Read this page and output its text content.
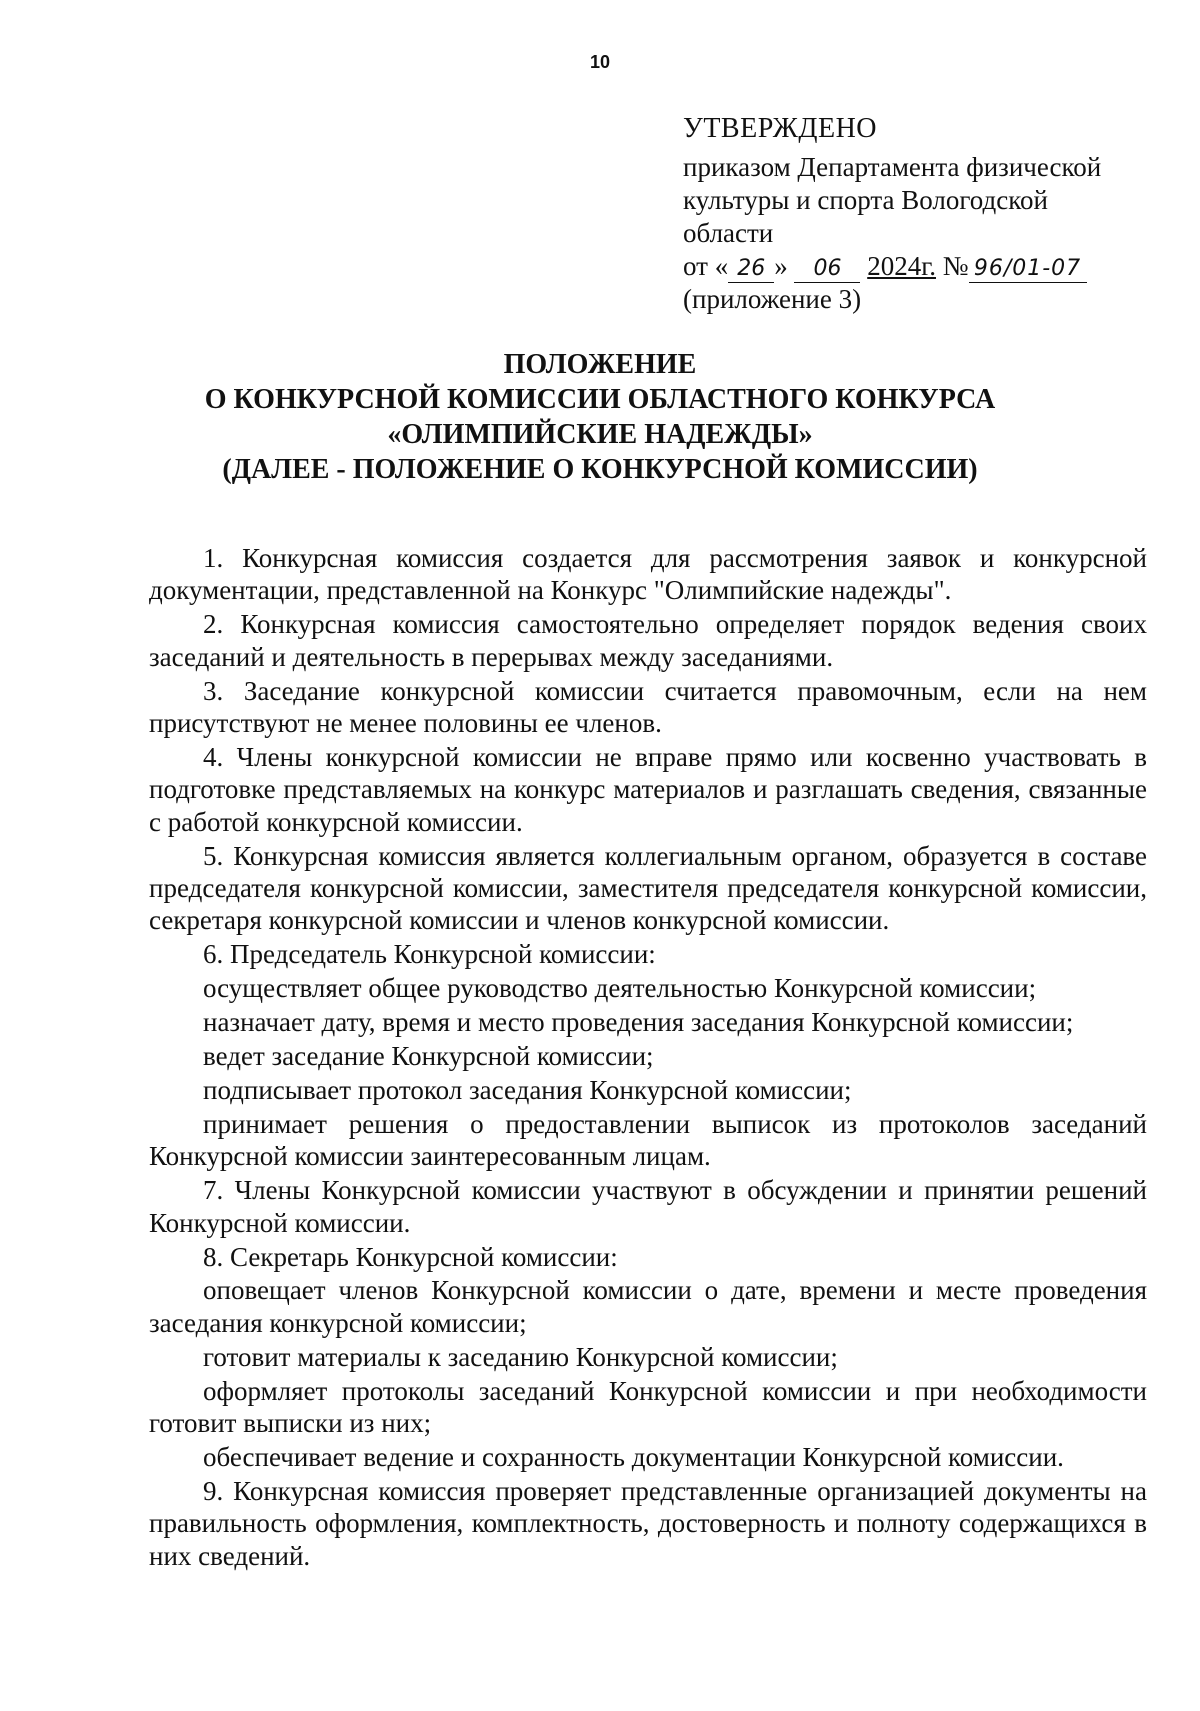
10
УТВЕРЖДЕНО
приказом Департамента физической
культуры и спорта Вологодской
области
от « 26 » 06 2024г. № 96/01-07
(приложение 3)
ПОЛОЖЕНИЕ
О КОНКУРСНОЙ КОМИССИИ ОБЛАСТНОГО КОНКУРСА
«ОЛИМПИЙСКИЕ НАДЕЖДЫ»
(ДАЛЕЕ - ПОЛОЖЕНИЕ О КОНКУРСНОЙ КОМИССИИ)

1. Конкурсная комиссия создается для рассмотрения заявок и конкурсной документации, представленной на Конкурс "Олимпийские надежды".

2. Конкурсная комиссия самостоятельно определяет порядок ведения своих заседаний и деятельность в перерывах между заседаниями.

3. Заседание конкурсной комиссии считается правомочным, если на нем присутствуют не менее половины ее членов.

4. Члены конкурсной комиссии не вправе прямо или косвенно участвовать в подготовке представляемых на конкурс материалов и разглашать сведения, связанные с работой конкурсной комиссии.

5. Конкурсная комиссия является коллегиальным органом, образуется в составе председателя конкурсной комиссии, заместителя председателя конкурсной комиссии, секретаря конкурсной комиссии и членов конкурсной комиссии.

6. Председатель Конкурсной комиссии:

осуществляет общее руководство деятельностью Конкурсной комиссии;

назначает дату, время и место проведения заседания Конкурсной комиссии;

ведет заседание Конкурсной комиссии;

подписывает протокол заседания Конкурсной комиссии;

принимает решения о предоставлении выписок из протоколов заседаний Конкурсной комиссии заинтересованным лицам.

7. Члены Конкурсной комиссии участвуют в обсуждении и принятии решений Конкурсной комиссии.

8. Секретарь Конкурсной комиссии:

оповещает членов Конкурсной комиссии о дате, времени и месте проведения заседания конкурсной комиссии;

готовит материалы к заседанию Конкурсной комиссии;

оформляет протоколы заседаний Конкурсной комиссии и при необходимости готовит выписки из них;

обеспечивает ведение и сохранность документации Конкурсной комиссии.

9. Конкурсная комиссия проверяет представленные организацией документы на правильность оформления, комплектность, достоверность и полноту содержащихся в них сведений.
